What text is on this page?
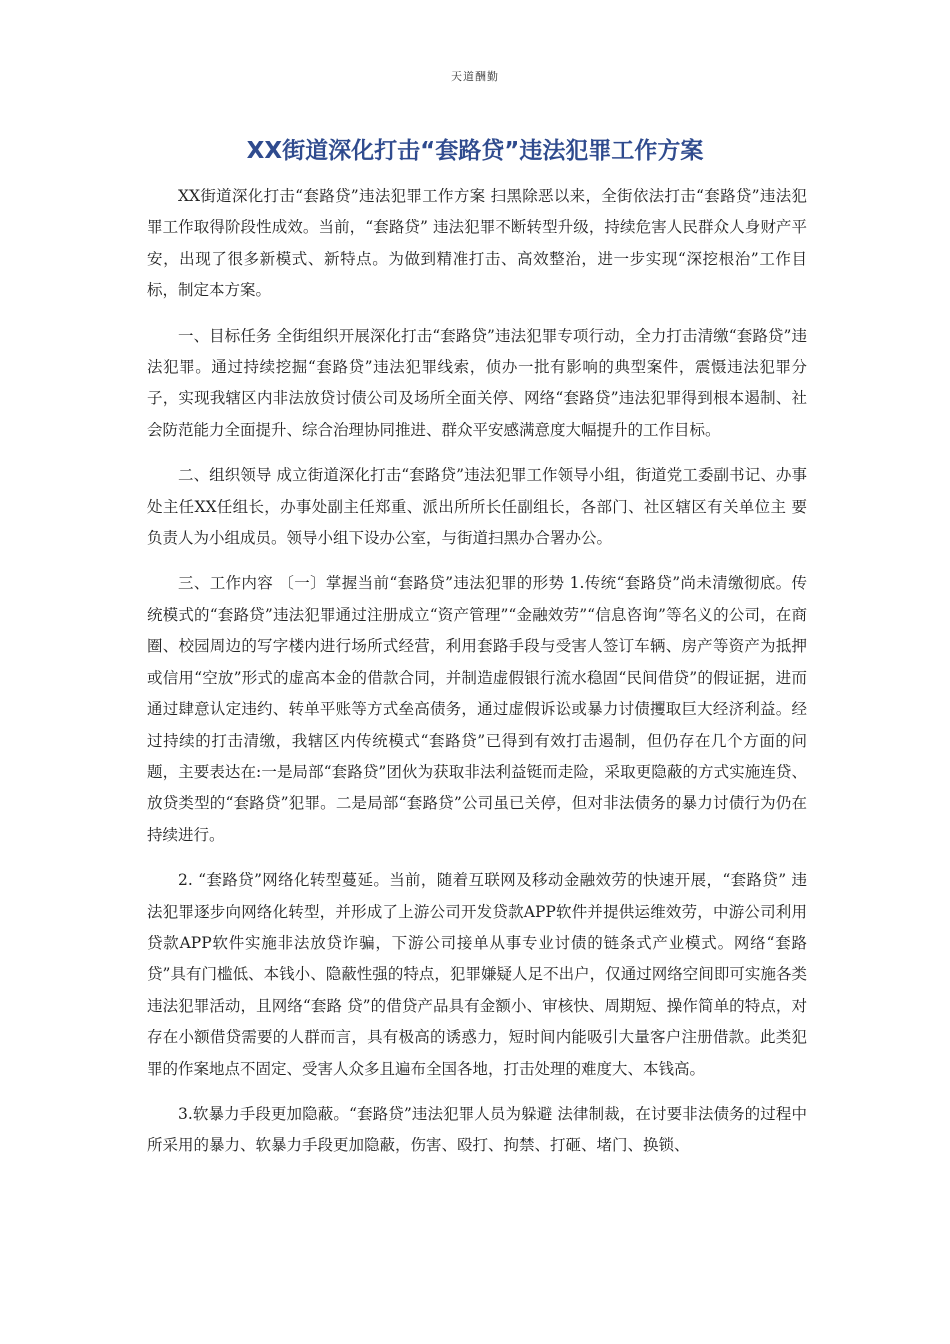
天道酬勤
XX街道深化打击“套路贷”违法犯罪工作方案

XX街道深化打击“套路贷”违法犯罪工作方案 扫黑除恶以来，全街依法打击“套路贷”违法犯罪工作取得阶段性成效。当前，“套路贷” 违法犯罪不断转型升级，持续危害人民群众人身财产平安，出现了很多新模式、新特点。为做到精准打击、高效整治，进一步实现“深挖根治”工作目标，制定本方案。

一、目标任务 全街组织开展深化打击“套路贷”违法犯罪专项行动，全力打击清缴“套路贷”违法犯罪。通过持续挖掘“套路贷”违法犯罪线索，侦办一批有影响的典型案件，震慑违法犯罪分子，实现我辖区内非法放贷讨债公司及场所全面关停、网络“套路贷”违法犯罪得到根本遏制、社会防范能力全面提升、综合治理协同推进、群众平安感满意度大幅提升的工作目标。

二、组织领导 成立街道深化打击“套路贷”违法犯罪工作领导小组，街道党工委副书记、办事处主任XX任组长，办事处副主任郑重、派出所所长任副组长，各部门、社区辖区有关单位主 要负责人为小组成员。领导小组下设办公室，与街道扫黑办合署办公。

三、工作内容 〔一〕掌握当前“套路贷”违法犯罪的形势 1.传统“套路贷”尚未清缴彻底。传统模式的“套路贷”违法犯罪通过注册成立“资产管理”“金融效劳”“信息咨询”等名义的公司，在商圈、校园周边的写字楼内进行场所式经营，利用套路手段与受害人签订车辆、房产等资产为抵押或信用“空放”形式的虚高本金的借款合同，并制造虚假银行流水稳固“民间借贷”的假证据，进而通过肆意认定违约、转单平账等方式垒高债务，通过虚假诉讼或暴力讨债攫取巨大经济利益。经过持续的打击清缴，我辖区内传统模式“套路贷”已得到有效打击遏制，但仍存在几个方面的问题，主要表达在:一是局部“套路贷”团伙为获取非法利益铤而走险，采取更隐蔽的方式实施连贷、放贷类型的“套路贷”犯罪。二是局部“套路贷”公司虽已关停，但对非法债务的暴力讨债行为仍在持续进行。

2. “套路贷”网络化转型蔓延。当前，随着互联网及移动金融效劳的快速开展，“套路贷” 违法犯罪逐步向网络化转型，并形成了上游公司开发贷款APP软件并提供运维效劳，中游公司利用贷款APP软件实施非法放贷诈骗，下游公司接单从事专业讨债的链条式产业模式。网络“套路贷”具有门槛低、本钱小、隐蔽性强的特点，犯罪嫌疑人足不出户，仅通过网络空间即可实施各类违法犯罪活动，且网络“套路 贷”的借贷产品具有金额小、审核快、周期短、操作简单的特点，对存在小额借贷需要的人群而言，具有极高的诱惑力，短时间内能吸引大量客户注册借款。此类犯罪的作案地点不固定、受害人众多且遍布全国各地，打击处理的难度大、本钱高。

3.软暴力手段更加隐蔽。“套路贷”违法犯罪人员为躲避 法律制裁，在讨要非法债务的过程中所采用的暴力、软暴力手段更加隐蔽，伤害、殴打、拘禁、打砸、堵门、换锁、
